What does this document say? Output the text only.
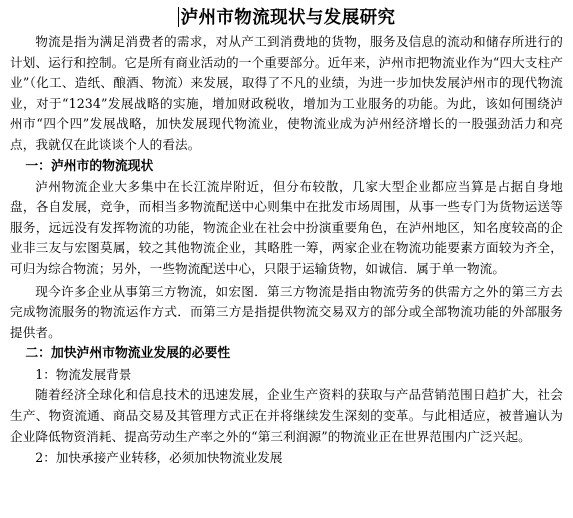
泸州市物流现状与发展研究

物流是指为满足消费者的需求，对从产工到消费地的货物，服务及信息的流动和储存所进行的计划、运行和控制。它是所有商业活动的一个重要部分。近年来，泸州市把物流业作为“四大支柱产业”（化工、造纸、酿酒、物流）来发展，取得了不凡的业绩，为进一步加快发展泸州市的现代物流业，对于“1234”发展战略的实施，增加财政税收，增加为工业服务的功能。为此，该如何围绕泸州市“四个四”发展战略，加快发展现代物流业，使物流业成为泸州经济增长的一股强劲活力和亮点，我就仅在此谈谈个人的看法。

一：泸州市的物流现状

泸州物流企业大多集中在长江流岸附近，但分布较散，几家大型企业都应当算是占据自身地盘，各自发展，竞争，而相当多物流配送中心则集中在批发市场周围，从事一些专门为货物运送等服务，远远没有发挥物流的功能，物流企业在社会中扮演重要角色，在泸州地区，知名度较高的企业非三友与宏图莫属，较之其他物流企业，其略胜一筹，两家企业在物流功能要素方面较为齐全，可归为综合物流；另外，一些物流配送中心，只限于运输货物，如诚信．属于单一物流。

现今许多企业从事第三方物流，如宏图．第三方物流是指由物流劳务的供需方之外的第三方去完成物流服务的物流运作方式．而第三方是指提供物流交易双方的部分或全部物流功能的外部服务提供者。

二：加快泸州市物流业发展的必要性

1：物流发展背景

随着经济全球化和信息技术的迅速发展，企业生产资料的获取与产品营销范围日趋扩大，社会生产、物资流通、商品交易及其管理方式正在并将继续发生深刻的变革。与此相适应，被普遍认为企业降低物资消耗、提高劳动生产率之外的“第三利润源”的物流业正在世界范围内广泛兴起。

2：加快承接产业转移，必须加快物流业发展
